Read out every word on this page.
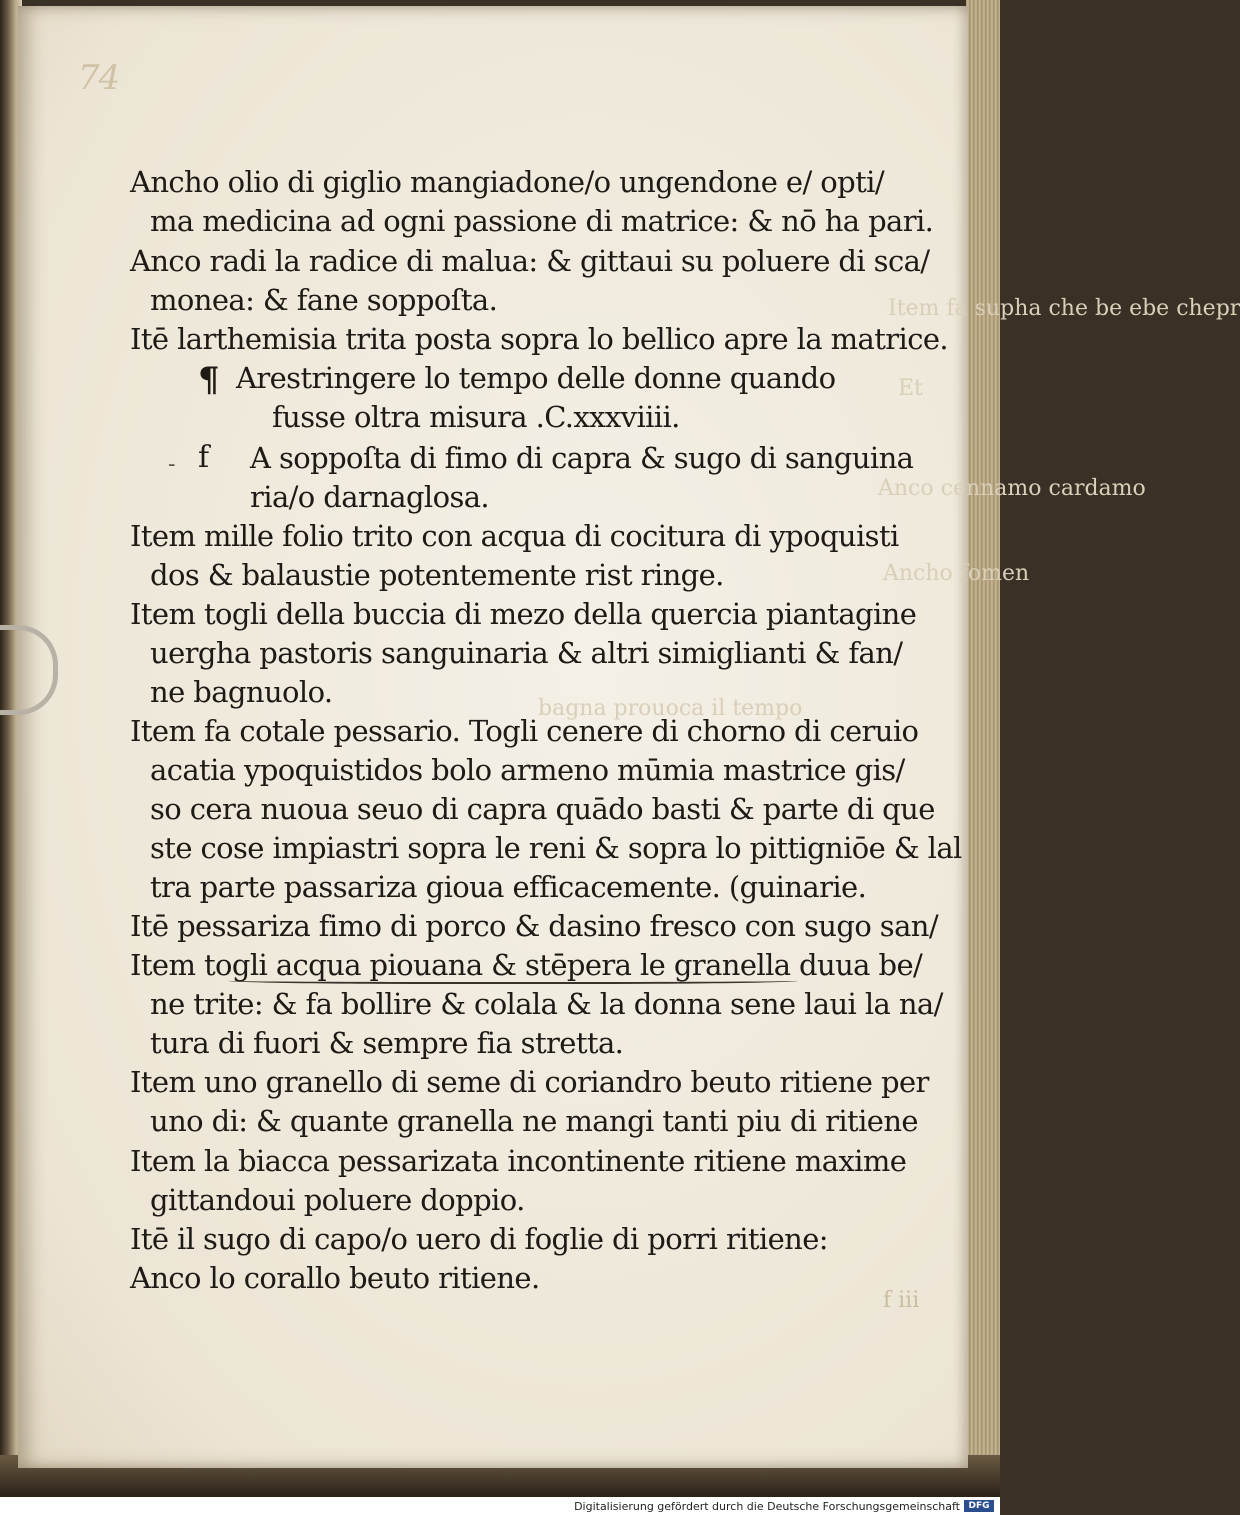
74
Item fa supha che be ebe chepr
Et
Anco cennamo cardamo
Ancho fomen
bagna prouoca il tempo
Ancho olio di giglio mangiadone/o ungendone e/ opti/
ma medicina ad ogni passione di matrice: & nō ha pari.
Anco radi la radice di malua: & gittaui su poluere di sca/
monea: & fane soppoſta.
Itē larthemisia trita posta sopra lo bellico apre la matrice.
¶ Arestringere lo tempo delle donne quando
fusse oltra misura .C.xxxviiii.
- f A soppoſta di fimo di capra & sugo di sanguina
ria/o darnaglosa.
Item mille folio trito con acqua di cocitura di ypoquisti
dos & balaustie potentemente rist ringe.
Item togli della buccia di mezo della quercia piantagine
uergha pastoris sanguinaria & altri simiglianti & fan/
ne bagnuolo.
Item fa cotale pessario. Togli cenere di chorno di ceruio
acatia ypoquistidos bolo armeno mūmia mastrice gis/
so cera nuoua seuo di capra quādo basti & parte di que
ste cose impiastri sopra le reni & sopra lo pittigniōe & lal
tra parte passariza gioua efficacemente. (guinarie.
Itē pessariza fimo di porco & dasino fresco con sugo san/
Item togli acqua piouana & stēpera le granella duua be/
ne trite: & fa bollire & colala & la donna sene laui la na/
tura di fuori & sempre fia stretta.
Item uno granello di seme di coriandro beuto ritiene per
uno di: & quante granella ne mangi tanti piu di ritiene
Item la biacca pessarizata incontinente ritiene maxime
gittandoui poluere doppio.
Itē il sugo di capo/o uero di foglie di porri ritiene:
Anco lo corallo beuto ritiene.
f iii
Digitalisierung gefördert durch die Deutsche Forschungsgemeinschaft DFG
